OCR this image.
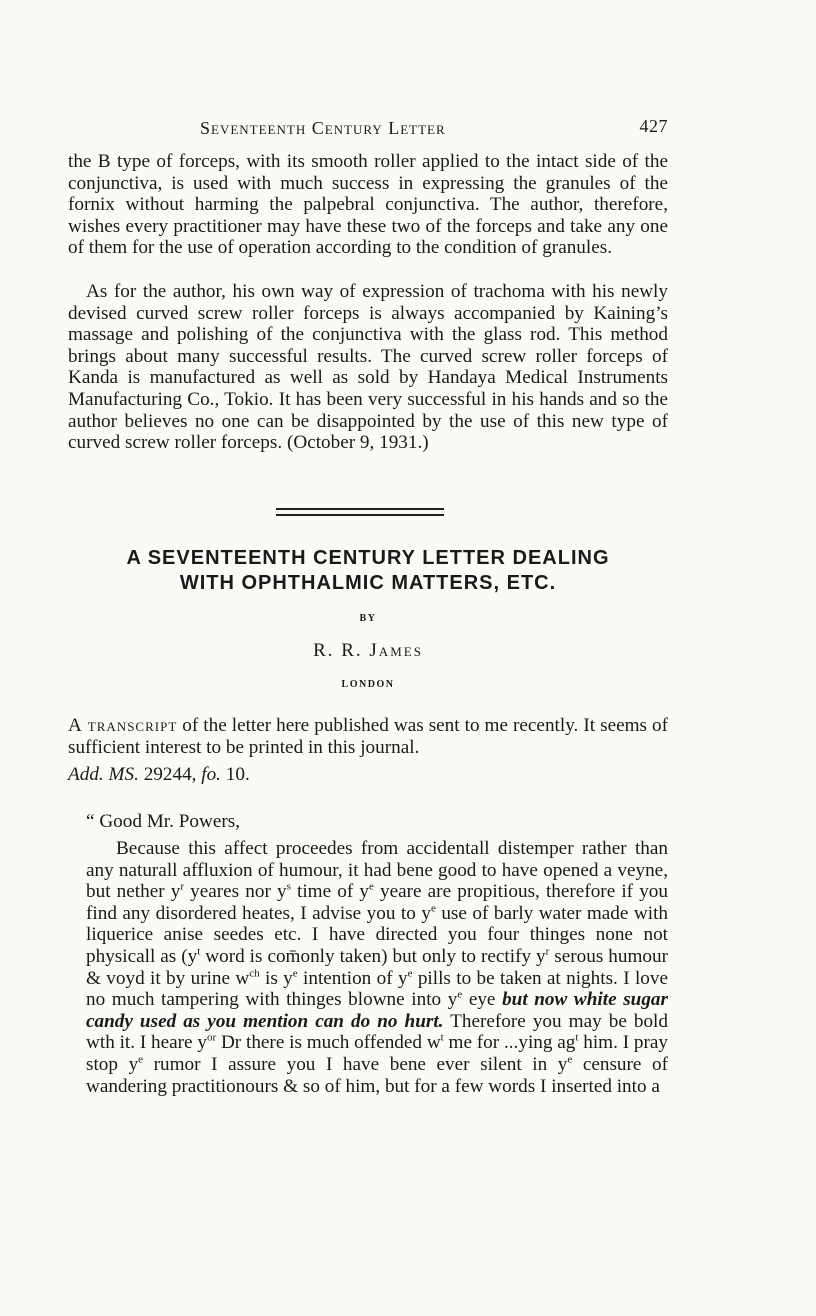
Seventeenth Century Letter	427

the B type of forceps, with its smooth roller applied to the intact side of the conjunctiva, is used with much success in expressing the granules of the fornix without harming the palpebral conjunctiva. The author, therefore, wishes every practitioner may have these two of the forceps and take any one of them for the use of operation according to the condition of granules.

As for the author, his own way of expression of trachoma with his newly devised curved screw roller forceps is always accompanied by Kaining’s massage and polishing of the conjunctiva with the glass rod. This method brings about many successful results. The curved screw roller forceps of Kanda is manufactured as well as sold by Handaya Medical Instruments Manufacturing Co., Tokio. It has been very successful in his hands and so the author believes no one can be disappointed by the use of this new type of curved screw roller forceps. (October 9, 1931.)

A SEVENTEENTH CENTURY LETTER DEALING
WITH OPHTHALMIC MATTERS, ETC.
BY
R. R. James
LONDON

A transcript of the letter here published was sent to me recently. It seems of sufficient interest to be printed in this journal.

Add. MS. 29244, fo. 10.
“ Good Mr. Powers,

Because this affect proceedes from accidentall distemper rather than any naturall affluxion of humour, it had bene good to have opened a veyne, but nether $y^r$ yeares nor $y^s$ time of $y^e$ yeare are propitious, therefore if you find any disordered heates, I advise you to $y^e$ use of barly water made with liquerice anise seedes etc. I have directed you four thinges none not physicall as ($y^t$ word is com̄only taken) but only to rectify $y^r$ serous humour & voyd it by urine $w^{ch}$ is $y^e$ intention of $y^e$ pills to be taken at nights. I love no much tampering with thinges blowne into $y^e$ eye but now white sugar candy used as you mention can do no hurt. Therefore you may be bold wth it. I heare $y^{or}$ Dr there is much offended $w^t$ me for ...ying $ag^t$ him. I pray stop $y^e$ rumor I assure you I have bene ever silent in $y^e$ censure of wandering practitionours & so of him, but for a few words I inserted into a
